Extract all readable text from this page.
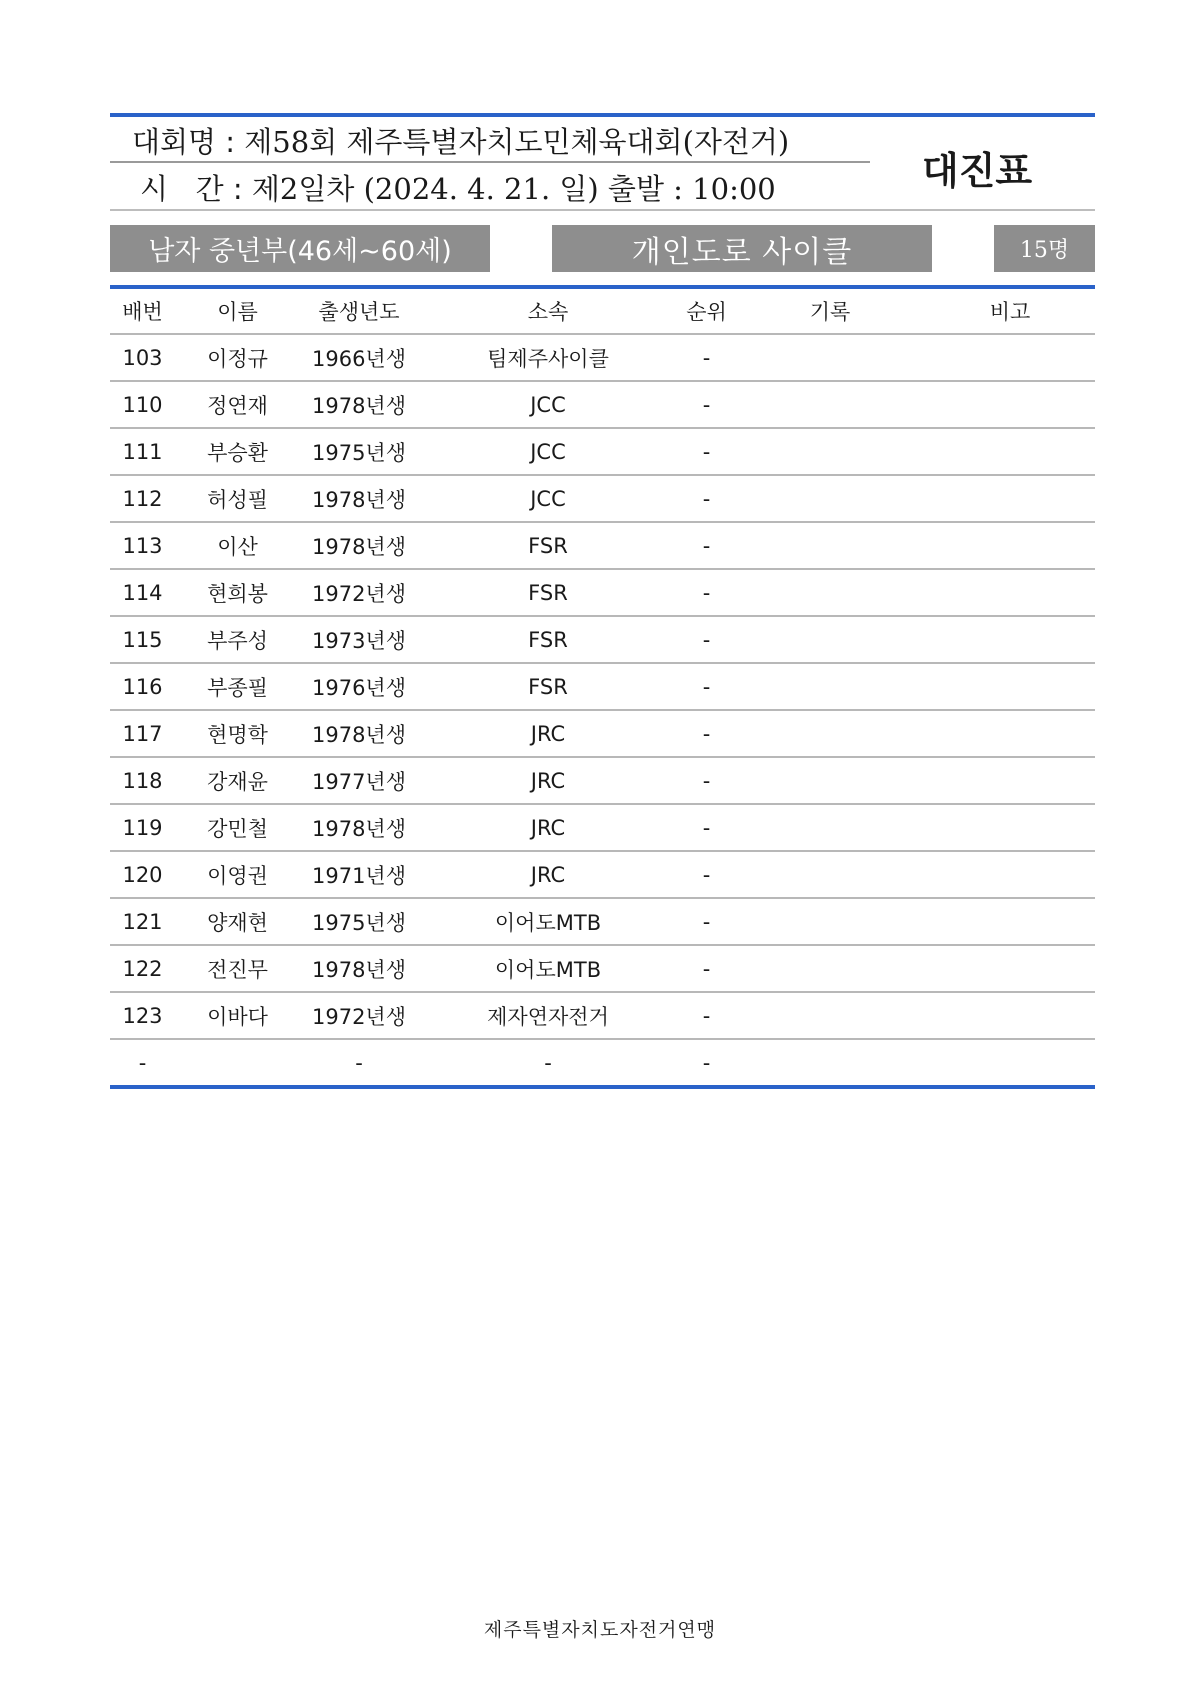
대회명 : 제58회 제주특별자치도민체육대회(자전거)
시   간 : 제2일차 (2024. 4. 21. 일) 출발 : 10:00	대진표
남자 중년부(46세~60세)	개인도로 사이클	15명
배번	이름	출생년도	소속	순위	기록	비고
103	이정규	1966년생	팀제주사이클	-		
110	정연재	1978년생	JCC	-		
111	부승환	1975년생	JCC	-		
112	허성필	1978년생	JCC	-		
113	이산	1978년생	FSR	-		
114	현희봉	1972년생	FSR	-		
115	부주성	1973년생	FSR	-		
116	부종필	1976년생	FSR	-		
117	현명학	1978년생	JRC	-		
118	강재윤	1977년생	JRC	-		
119	강민철	1978년생	JRC	-		
120	이영권	1971년생	JRC	-		
121	양재현	1975년생	이어도MTB	-		
122	전진무	1978년생	이어도MTB	-		
123	이바다	1972년생	제자연자전거	-		
-		-	-	-		
제주특별자치도자전거연맹
